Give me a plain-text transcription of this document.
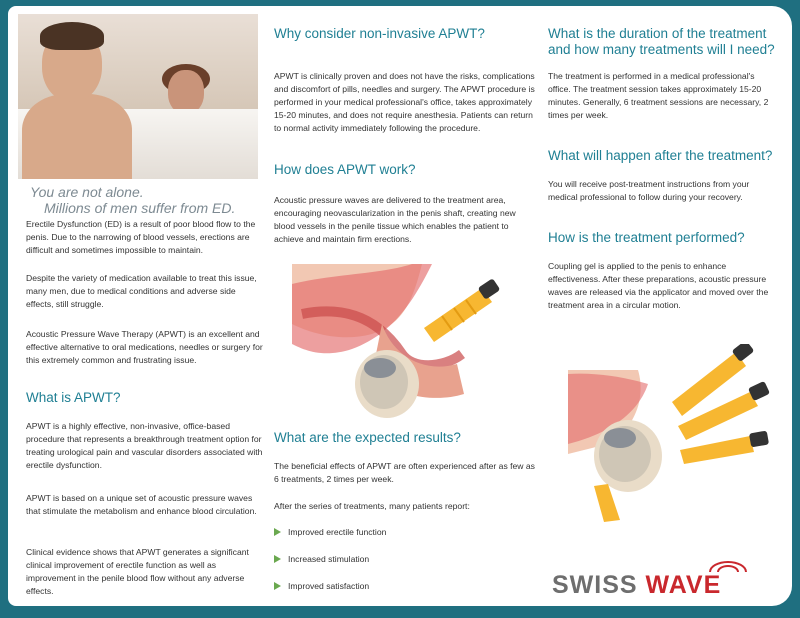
You are not alone.
Millions of men suffer from ED.

Erectile Dysfunction (ED) is a result of poor blood flow to the penis. Due to the narrowing of blood vessels, erections are difficult and sometimes impossible to maintain.

Despite the variety of medication available to treat this issue, many men, due to medical conditions and adverse side effects, still struggle.

Acoustic Pressure Wave Therapy (APWT) is an excellent and effective alternative to oral medications, needles or surgery for this extremely common and frustrating issue.

What is APWT?

APWT is a highly effective, non-invasive, office-based procedure that represents a breakthrough treatment option for treating urological pain and vascular disorders associated with erectile dysfunction.

APWT is based on a unique set of acoustic pressure waves that stimulate the metabolism and enhance blood circulation.

Clinical evidence shows that APWT generates a significant clinical improvement of erectile function as well as improvement in the penile blood flow without any adverse effects.

Why consider non-invasive APWT?

APWT is clinically proven and does not have the risks, complications and discomfort of pills, needles and surgery. The APWT procedure is performed in your medical professional's office, takes approximately 15-20 minutes, and does not require anesthesia. Patients can return to normal activity immediately following the procedure.

How does APWT work?

Acoustic pressure waves are delivered to the treatment area, encouraging neovascularization in the penis shaft, creating new blood vessels in the penile tissue which enables the patient to achieve and maintain firm erections.

What are the expected results?

The beneficial effects of APWT are often experienced after as few as 6 treatments, 2 times per week.

After the series of treatments, many patients report:

Improved erectile function
Increased stimulation
Improved satisfaction
What is the duration of the treatment and how many treatments will I need?

The treatment is performed in a medical professional's office. The treatment session takes approximately 15-20 minutes. Generally, 6 treatment sessions are necessary, 2 times per week.

What will happen after the treatment?

You will receive post-treatment instructions from your medical professional to follow during your recovery.

How is the treatment performed?

Coupling gel is applied to the penis to enhance effectiveness. After these preparations, acoustic pressure waves are released via the applicator and moved over the treatment area in a circular motion.

SWISS WAVE
